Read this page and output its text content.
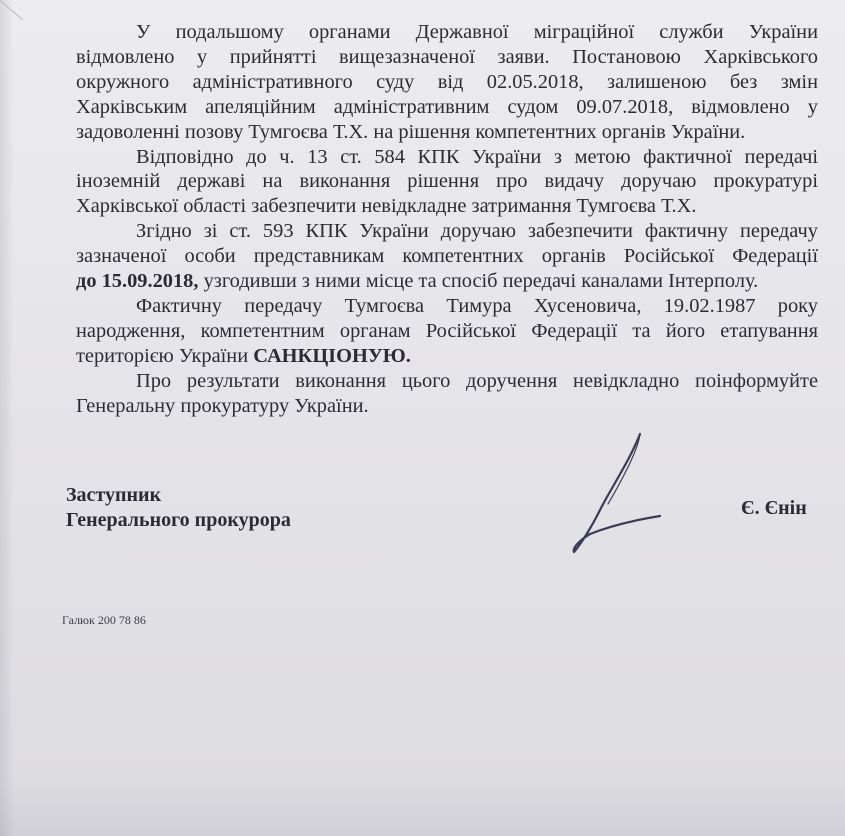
У подальшому органами Державної міграційної служби України
відмовлено у прийнятті вищезазначеної заяви. Постановою Харківського
окружного адміністративного суду від 02.05.2018, залишеною без змін
Харківським апеляційним адміністративним судом 09.07.2018, відмовлено у
задоволенні позову Тумгоєва Т.Х. на рішення компетентних органів України.

Відповідно до ч. 13 ст. 584 КПК України з метою фактичної передачі
іноземній державі на виконання рішення про видачу доручаю прокуратурі
Харківської області забезпечити невідкладне затримання Тумгоєва Т.Х.

Згідно зі ст. 593 КПК України доручаю забезпечити фактичну передачу
зазначеної особи представникам компетентних органів Російської Федерації
до 15.09.2018, узгодивши з ними місце та спосіб передачі каналами Інтерполу.

Фактичну передачу Тумгоєва Тимура Хусеновича, 19.02.1987 року
народження, компетентним органам Російської Федерації та його етапування
територією України САНКЦІОНУЮ.

Про результати виконання цього доручення невідкладно поінформуйте
Генеральну прокуратуру України.

Заступник
Генерального прокурора
Є. Єнін
Галюк 200 78 86
